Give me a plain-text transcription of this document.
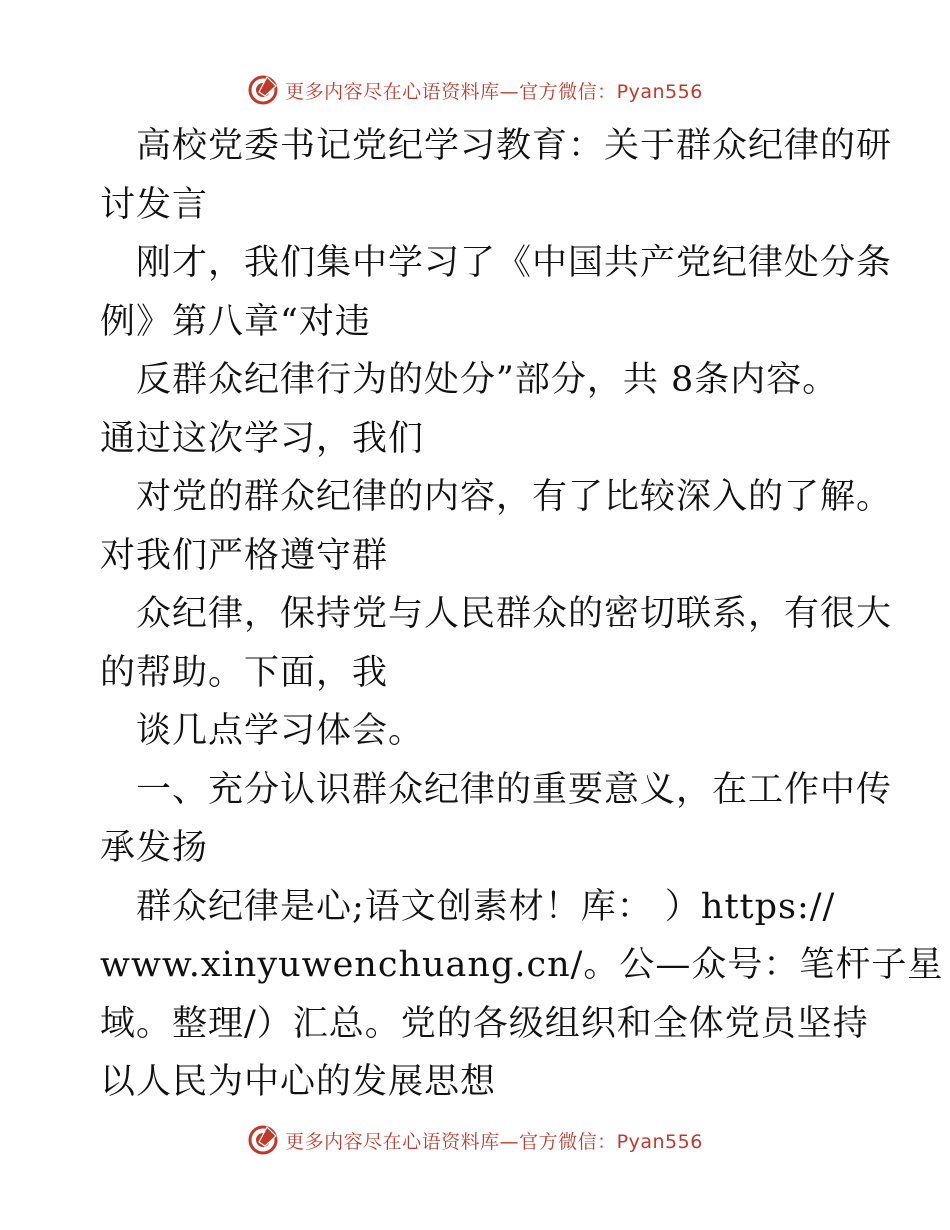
更多内容尽在心语资料库—官方微信：Pyan556
　高校党委书记党纪学习教育：关于群众纪律的研
讨发言
　刚才，我们集中学习了《中国共产党纪律处分条
例》第八章“对违
　反群众纪律行为的处分”部分，共 8条内容。
通过这次学习，我们
　对党的群众纪律的内容，有了比较深入的了解。
对我们严格遵守群
　众纪律，保持党与人民群众的密切联系，有很大
的帮助。下面，我
　谈几点学习体会。
　一、充分认识群众纪律的重要意义，在工作中传
承发扬
　群众纪律是心;语文创素材！库： ）https://
www.xinyuwenchuang.cn/。公—众号：笔杆子星
域。整理/）汇总。党的各级组织和全体党员坚持
以人民为中心的发展思想
更多内容尽在心语资料库—官方微信：Pyan556
